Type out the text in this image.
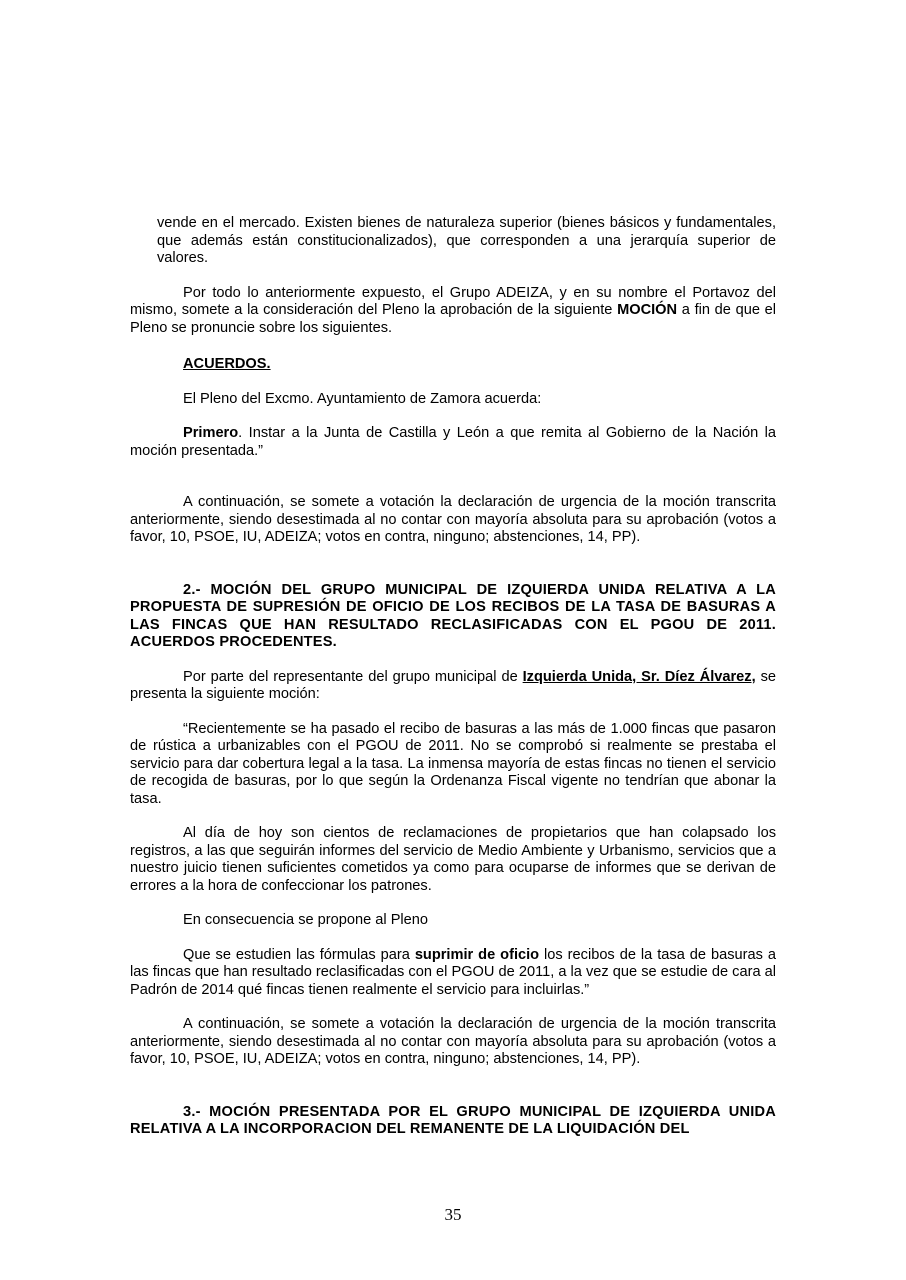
vende en el mercado. Existen bienes de naturaleza superior (bienes básicos y fundamentales, que además están constitucionalizados), que corresponden a una jerarquía superior de valores.

Por todo lo anteriormente expuesto, el Grupo ADEIZA, y en su nombre el Portavoz del mismo, somete a la consideración del Pleno la aprobación de la siguiente MOCIÓN a fin de que el Pleno se pronuncie sobre los siguientes.

ACUERDOS.

El Pleno del Excmo. Ayuntamiento de Zamora acuerda:

Primero. Instar a la Junta de Castilla y León a que remita al Gobierno de la Nación la moción presentada.”

A continuación, se somete a votación la declaración de urgencia de la moción transcrita anteriormente, siendo desestimada al no contar con mayoría absoluta para su aprobación (votos a favor, 10, PSOE, IU, ADEIZA; votos en contra, ninguno; abstenciones, 14, PP).

2.- MOCIÓN DEL GRUPO MUNICIPAL DE IZQUIERDA UNIDA RELATIVA A LA PROPUESTA DE SUPRESIÓN DE OFICIO DE LOS RECIBOS DE LA TASA DE BASURAS A LAS FINCAS QUE HAN RESULTADO RECLASIFICADAS CON EL PGOU DE 2011. ACUERDOS PROCEDENTES.

Por parte del representante del grupo municipal de Izquierda Unida, Sr. Díez Álvarez, se presenta la siguiente moción:

“Recientemente se ha pasado el recibo de basuras a las más de 1.000 fincas que pasaron de rústica a urbanizables con el PGOU de 2011. No se comprobó si realmente se prestaba el servicio para dar cobertura legal a la tasa. La inmensa mayoría de estas fincas no tienen el servicio de recogida de basuras, por lo que según la Ordenanza Fiscal vigente no tendrían que abonar la tasa.

Al día de hoy son cientos de reclamaciones de propietarios que han colapsado los registros, a las que seguirán informes del servicio de Medio Ambiente y Urbanismo, servicios que a nuestro juicio tienen suficientes cometidos ya como para ocuparse de informes que se derivan de errores a la hora de confeccionar los patrones.

En consecuencia se propone al Pleno

Que se estudien las fórmulas para suprimir de oficio los recibos de la tasa de basuras a las fincas que han resultado reclasificadas con el PGOU de 2011, a la vez que se estudie de cara al Padrón de 2014 qué fincas tienen realmente el servicio para incluirlas.”

A continuación, se somete a votación la declaración de urgencia de la moción transcrita anteriormente, siendo desestimada al no contar con mayoría absoluta para su aprobación (votos a favor, 10, PSOE, IU, ADEIZA; votos en contra, ninguno; abstenciones, 14, PP).

3.- MOCIÓN PRESENTADA POR EL GRUPO MUNICIPAL DE IZQUIERDA UNIDA RELATIVA A LA INCORPORACION DEL REMANENTE DE LA LIQUIDACIÓN DEL

35
